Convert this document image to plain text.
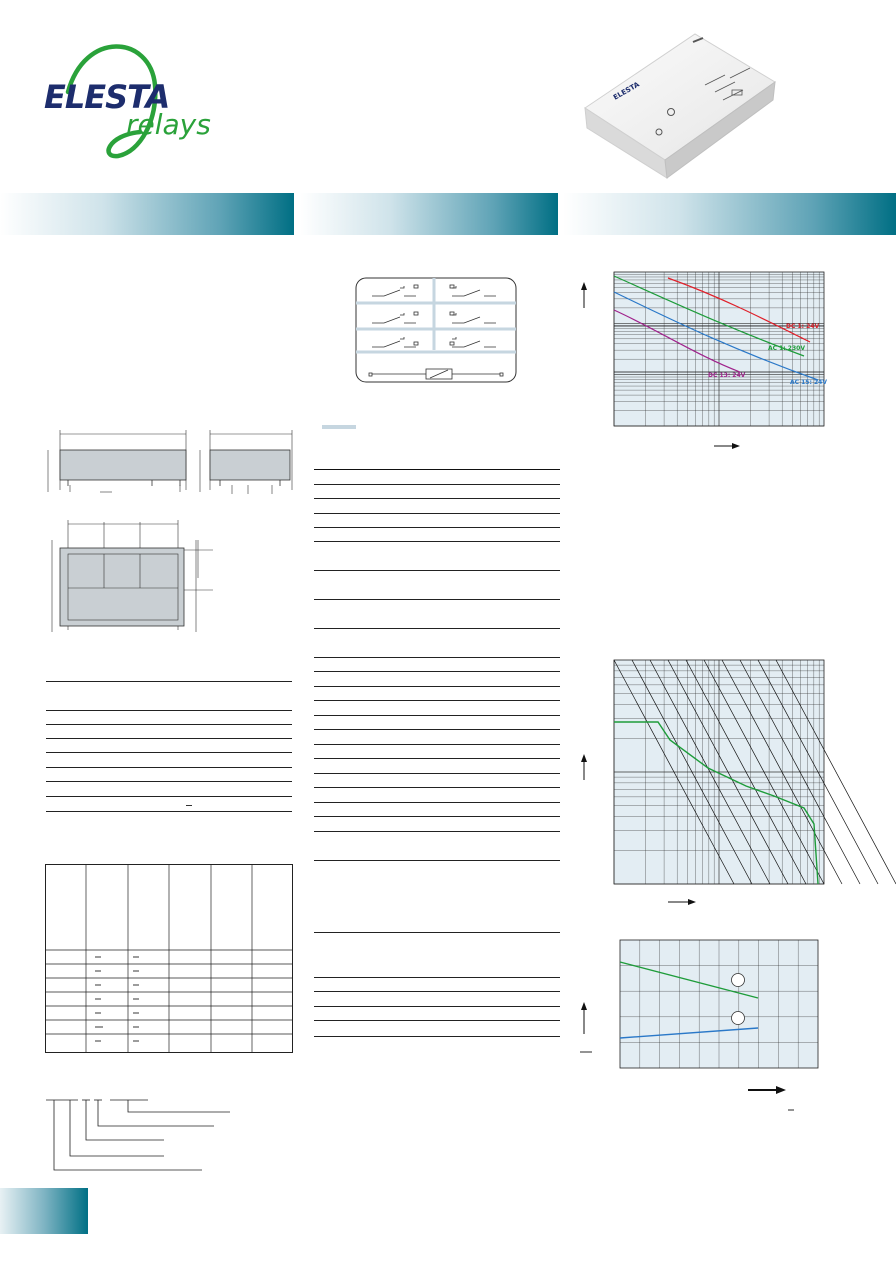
ELESTA
relays
ELESTA
DC 1: 24V
AC 1: 230V
DC 13: 24V
AC 15: 24V
